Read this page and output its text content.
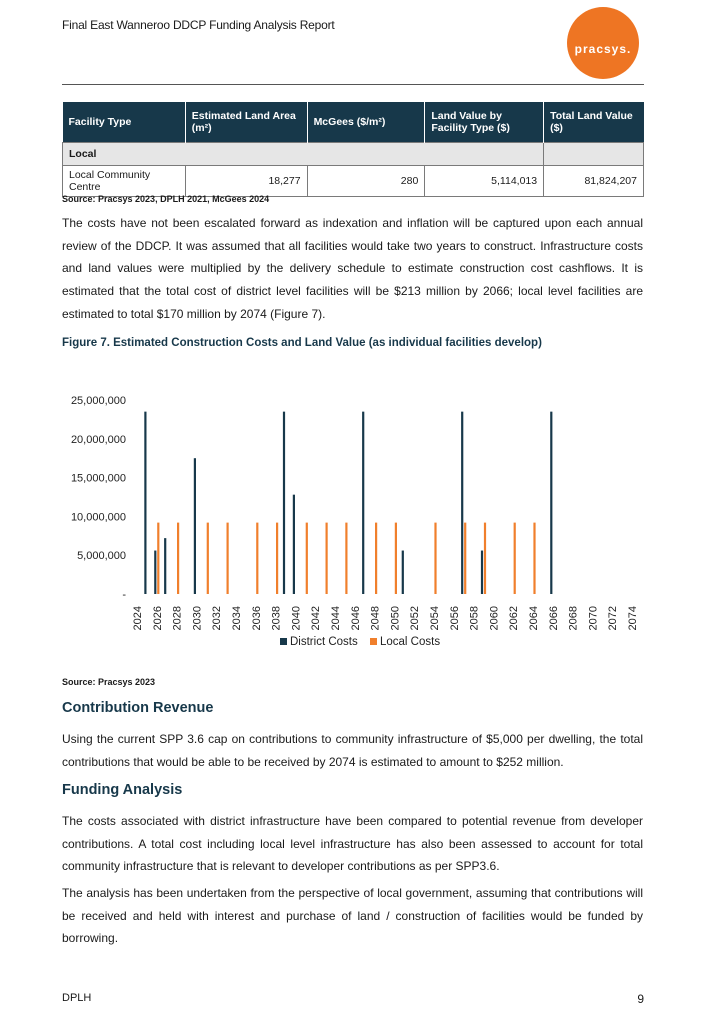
Final East Wanneroo DDCP Funding Analysis Report
pracsys.
Facility Type	Estimated Land Area (m²)	McGees ($/m²)	Land Value by Facility Type ($)	Total Land Value ($)
Local				
Local Community Centre	18,277	280	5,114,013	81,824,207
Source: Pracsys 2023, DPLH 2021, McGees 2024

The costs have not been escalated forward as indexation and inflation will be captured upon each annual review of the DDCP. It was assumed that all facilities would take two years to construct. Infrastructure costs and land values were multiplied by the delivery schedule to estimate construction cost cashflows. It is estimated that the total cost of district level facilities will be $213 million by 2066; local level facilities are estimated to total $170 million by 2074 (Figure 7).

Figure 7. Estimated Construction Costs and Land Value (as individual facilities develop)
-
5,000,000
10,000,000
15,000,000
20,000,000
25,000,000
2024 2026 2028 2030 2032 2034 2036 2038 2040 2042 2044 2046 2048 2050 2052 2054 2056 2058 2060 2062 2064 2066 2068 2070 2072 2074
District Costs Local Costs
Source: Pracsys 2023
Contribution Revenue

Using the current SPP 3.6 cap on contributions to community infrastructure of $5,000 per dwelling, the total contributions that would be able to be received by 2074 is estimated to amount to $252 million.

Funding Analysis

The costs associated with district infrastructure have been compared to potential revenue from developer contributions. A total cost including local level infrastructure has also been assessed to account for total community infrastructure that is relevant to developer contributions as per SPP3.6.

The analysis has been undertaken from the perspective of local government, assuming that contributions will be received and held with interest and purchase of land / construction of facilities would be funded by borrowing.

DPLH	9
